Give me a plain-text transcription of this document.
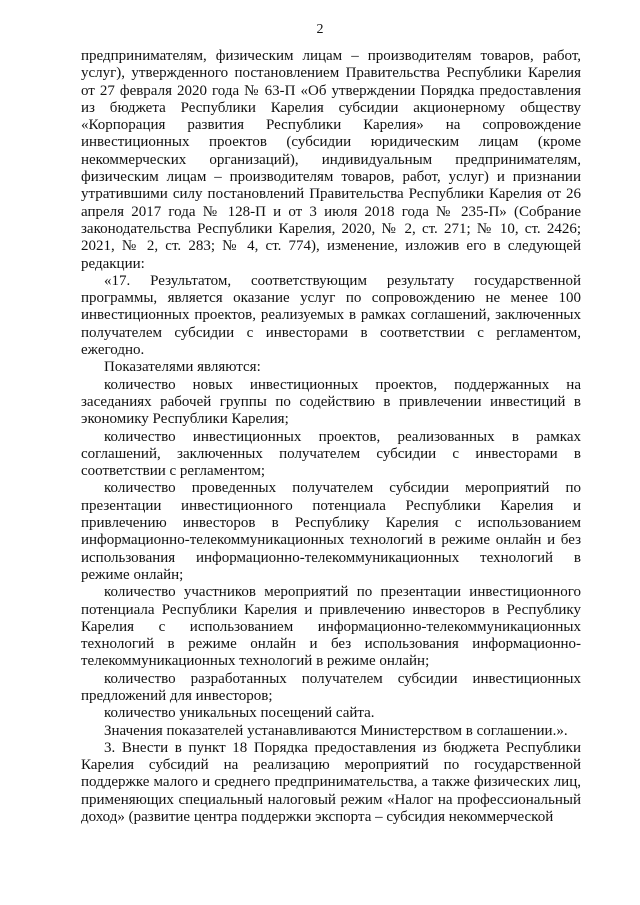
2

предпринимателям, физическим лицам – производителям товаров, работ, услуг), утвержденного постановлением Правительства Республики Карелия от 27 февраля 2020 года № 63-П «Об утверждении Порядка предоставления из бюджета Республики Карелия субсидии акционерному обществу «Корпорация развития Республики Карелия» на сопровождение инвестиционных проектов (субсидии юридическим лицам (кроме некоммерческих организаций), индивидуальным предпринимателям, физическим лицам – производителям товаров, работ, услуг) и признании утратившими силу постановлений Правительства Республики Карелия от 26 апреля 2017 года № 128-П и от 3 июля 2018 года № 235-П» (Собрание законодательства Республики Карелия, 2020, № 2, ст. 271; № 10, ст. 2426; 2021, № 2, ст. 283; № 4, ст. 774), изменение, изложив его в следующей редакции:

«17. Результатом, соответствующим результату государственной программы, является оказание услуг по сопровождению не менее 100 инвестиционных проектов, реализуемых в рамках соглашений, заключенных получателем субсидии с инвесторами в соответствии с регламентом, ежегодно.

Показателями являются:

количество новых инвестиционных проектов, поддержанных на заседаниях рабочей группы по содействию в привлечении инвестиций в экономику Республики Карелия;

количество инвестиционных проектов, реализованных в рамках соглашений, заключенных получателем субсидии с инвесторами в соответствии с регламентом;

количество проведенных получателем субсидии мероприятий по презентации инвестиционного потенциала Республики Карелия и привлечению инвесторов в Республику Карелия с использованием информационно-телекоммуникационных технологий в режиме онлайн и без использования информационно-телекоммуникационных технологий в режиме онлайн;

количество участников мероприятий по презентации инвестиционного потенциала Республики Карелия и привлечению инвесторов в Республику Карелия с использованием информационно-телекоммуникационных технологий в режиме онлайн и без использования информационно-телекоммуникационных технологий в режиме онлайн;

количество разработанных получателем субсидии инвестиционных предложений для инвесторов;

количество уникальных посещений сайта.

Значения показателей устанавливаются Министерством в соглашении.».

3. Внести в пункт 18 Порядка предоставления из бюджета Республики Карелия субсидий на реализацию мероприятий по государственной поддержке малого и среднего предпринимательства, а также физических лиц, применяющих специальный налоговый режим «Налог на профессиональный доход» (развитие центра поддержки экспорта – субсидия некоммерческой
